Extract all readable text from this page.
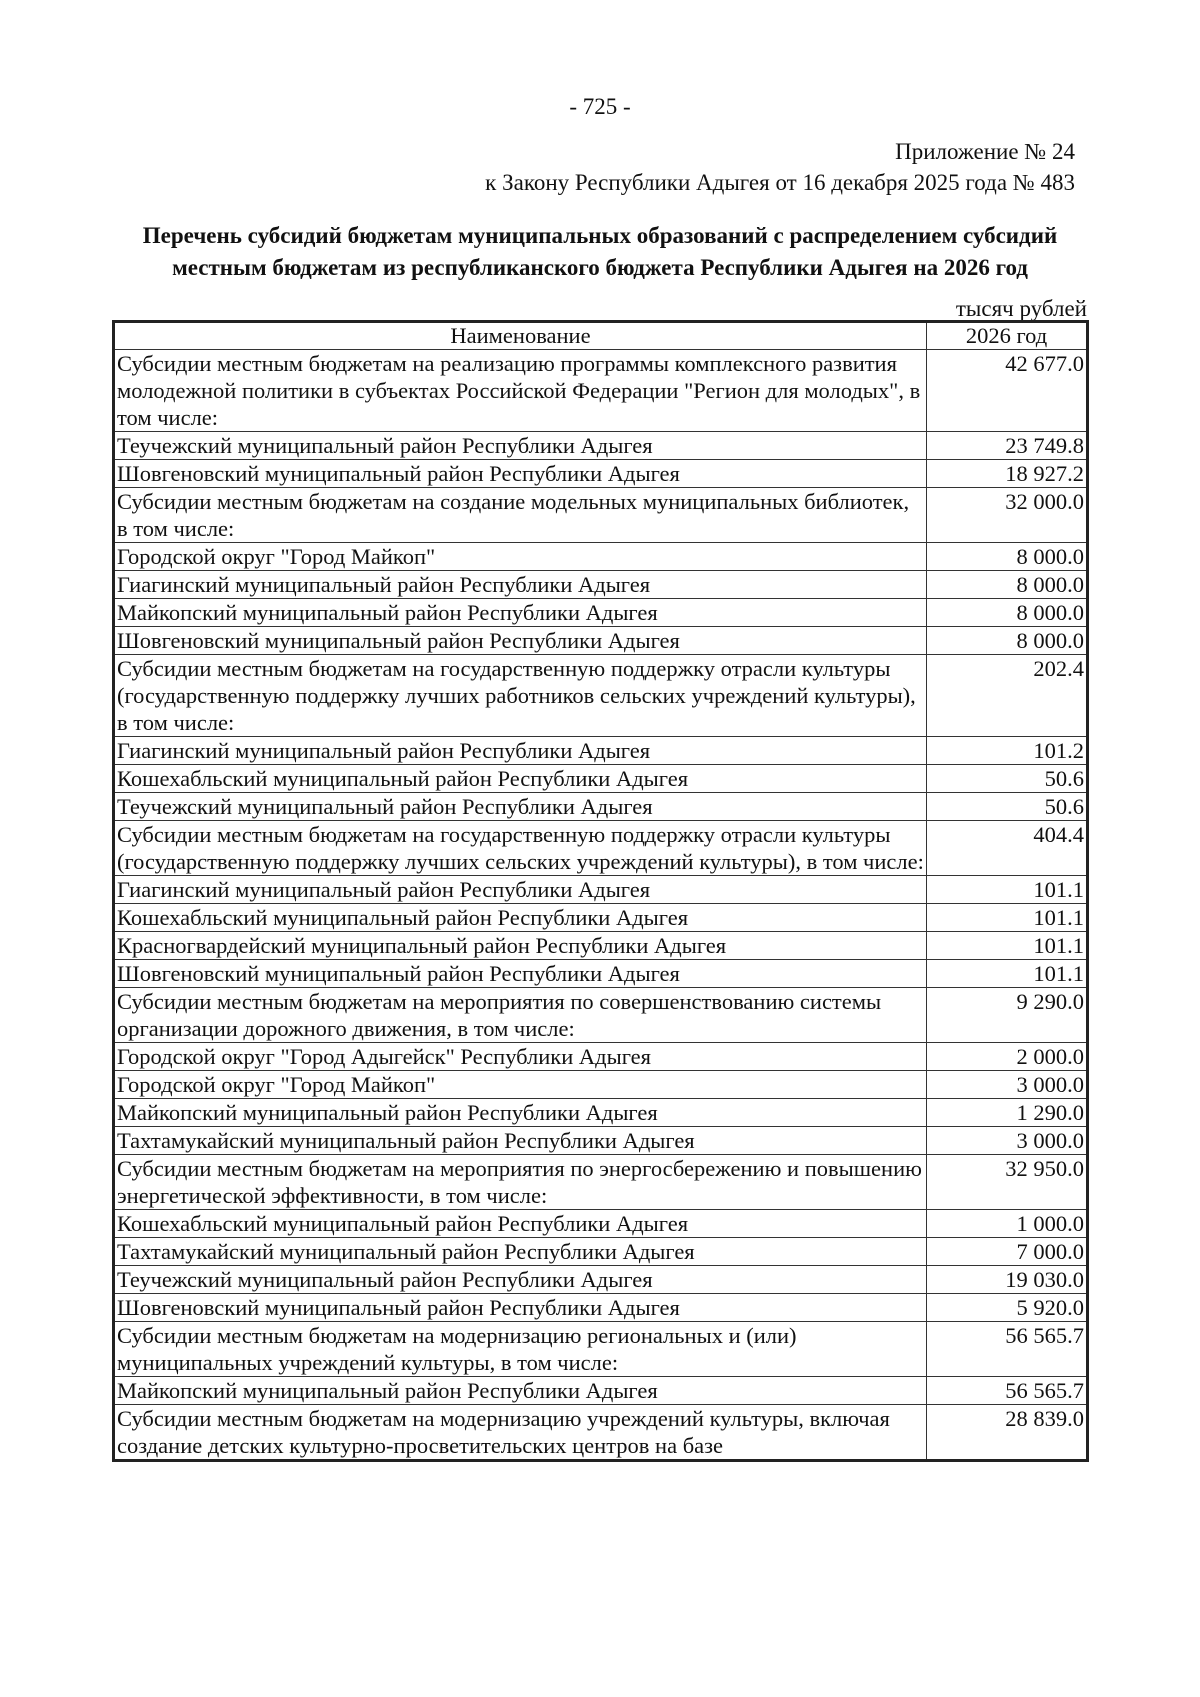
- 725 -
Приложение № 24
к Закону Республики Адыгея от 16 декабря 2025 года № 483
Перечень субсидий бюджетам муниципальных образований с распределением субсидий
местным бюджетам из республиканского бюджета Республики Адыгея на 2026 год
тысяч рублей
Наименование	2026 год
Субсидии местным бюджетам на реализацию программы комплексного развития молодежной политики в субъектах Российской Федерации "Регион для молодых", в том числе:	42 677.0
Теучежский муниципальный район Республики Адыгея	23 749.8
Шовгеновский муниципальный район Республики Адыгея	18 927.2
Субсидии местным бюджетам на создание модельных муниципальных библиотек, в том числе:	32 000.0
Городской округ "Город Майкоп"	8 000.0
Гиагинский муниципальный район Республики Адыгея	8 000.0
Майкопский муниципальный район Республики Адыгея	8 000.0
Шовгеновский муниципальный район Республики Адыгея	8 000.0
Субсидии местным бюджетам на государственную поддержку отрасли культуры (государственную поддержку лучших работников сельских учреждений культуры), в том числе:	202.4
Гиагинский муниципальный район Республики Адыгея	101.2
Кошехабльский муниципальный район Республики Адыгея	50.6
Теучежский муниципальный район Республики Адыгея	50.6
Субсидии местным бюджетам на государственную поддержку отрасли культуры (государственную поддержку лучших сельских учреждений культуры), в том числе:	404.4
Гиагинский муниципальный район Республики Адыгея	101.1
Кошехабльский муниципальный район Республики Адыгея	101.1
Красногвардейский муниципальный район Республики Адыгея	101.1
Шовгеновский муниципальный район Республики Адыгея	101.1
Субсидии местным бюджетам на мероприятия по совершенствованию системы организации дорожного движения, в том числе:	9 290.0
Городской округ "Город Адыгейск" Республики Адыгея	2 000.0
Городской округ "Город Майкоп"	3 000.0
Майкопский муниципальный район Республики Адыгея	1 290.0
Тахтамукайский муниципальный район Республики Адыгея	3 000.0
Субсидии местным бюджетам на мероприятия по энергосбережению и повышению энергетической эффективности, в том числе:	32 950.0
Кошехабльский муниципальный район Республики Адыгея	1 000.0
Тахтамукайский муниципальный район Республики Адыгея	7 000.0
Теучежский муниципальный район Республики Адыгея	19 030.0
Шовгеновский муниципальный район Республики Адыгея	5 920.0
Субсидии местным бюджетам на модернизацию региональных и (или) муниципальных учреждений культуры, в том числе:	56 565.7
Майкопский муниципальный район Республики Адыгея	56 565.7
Субсидии местным бюджетам на модернизацию учреждений культуры, включая создание детских культурно-просветительских центров на базе	28 839.0
